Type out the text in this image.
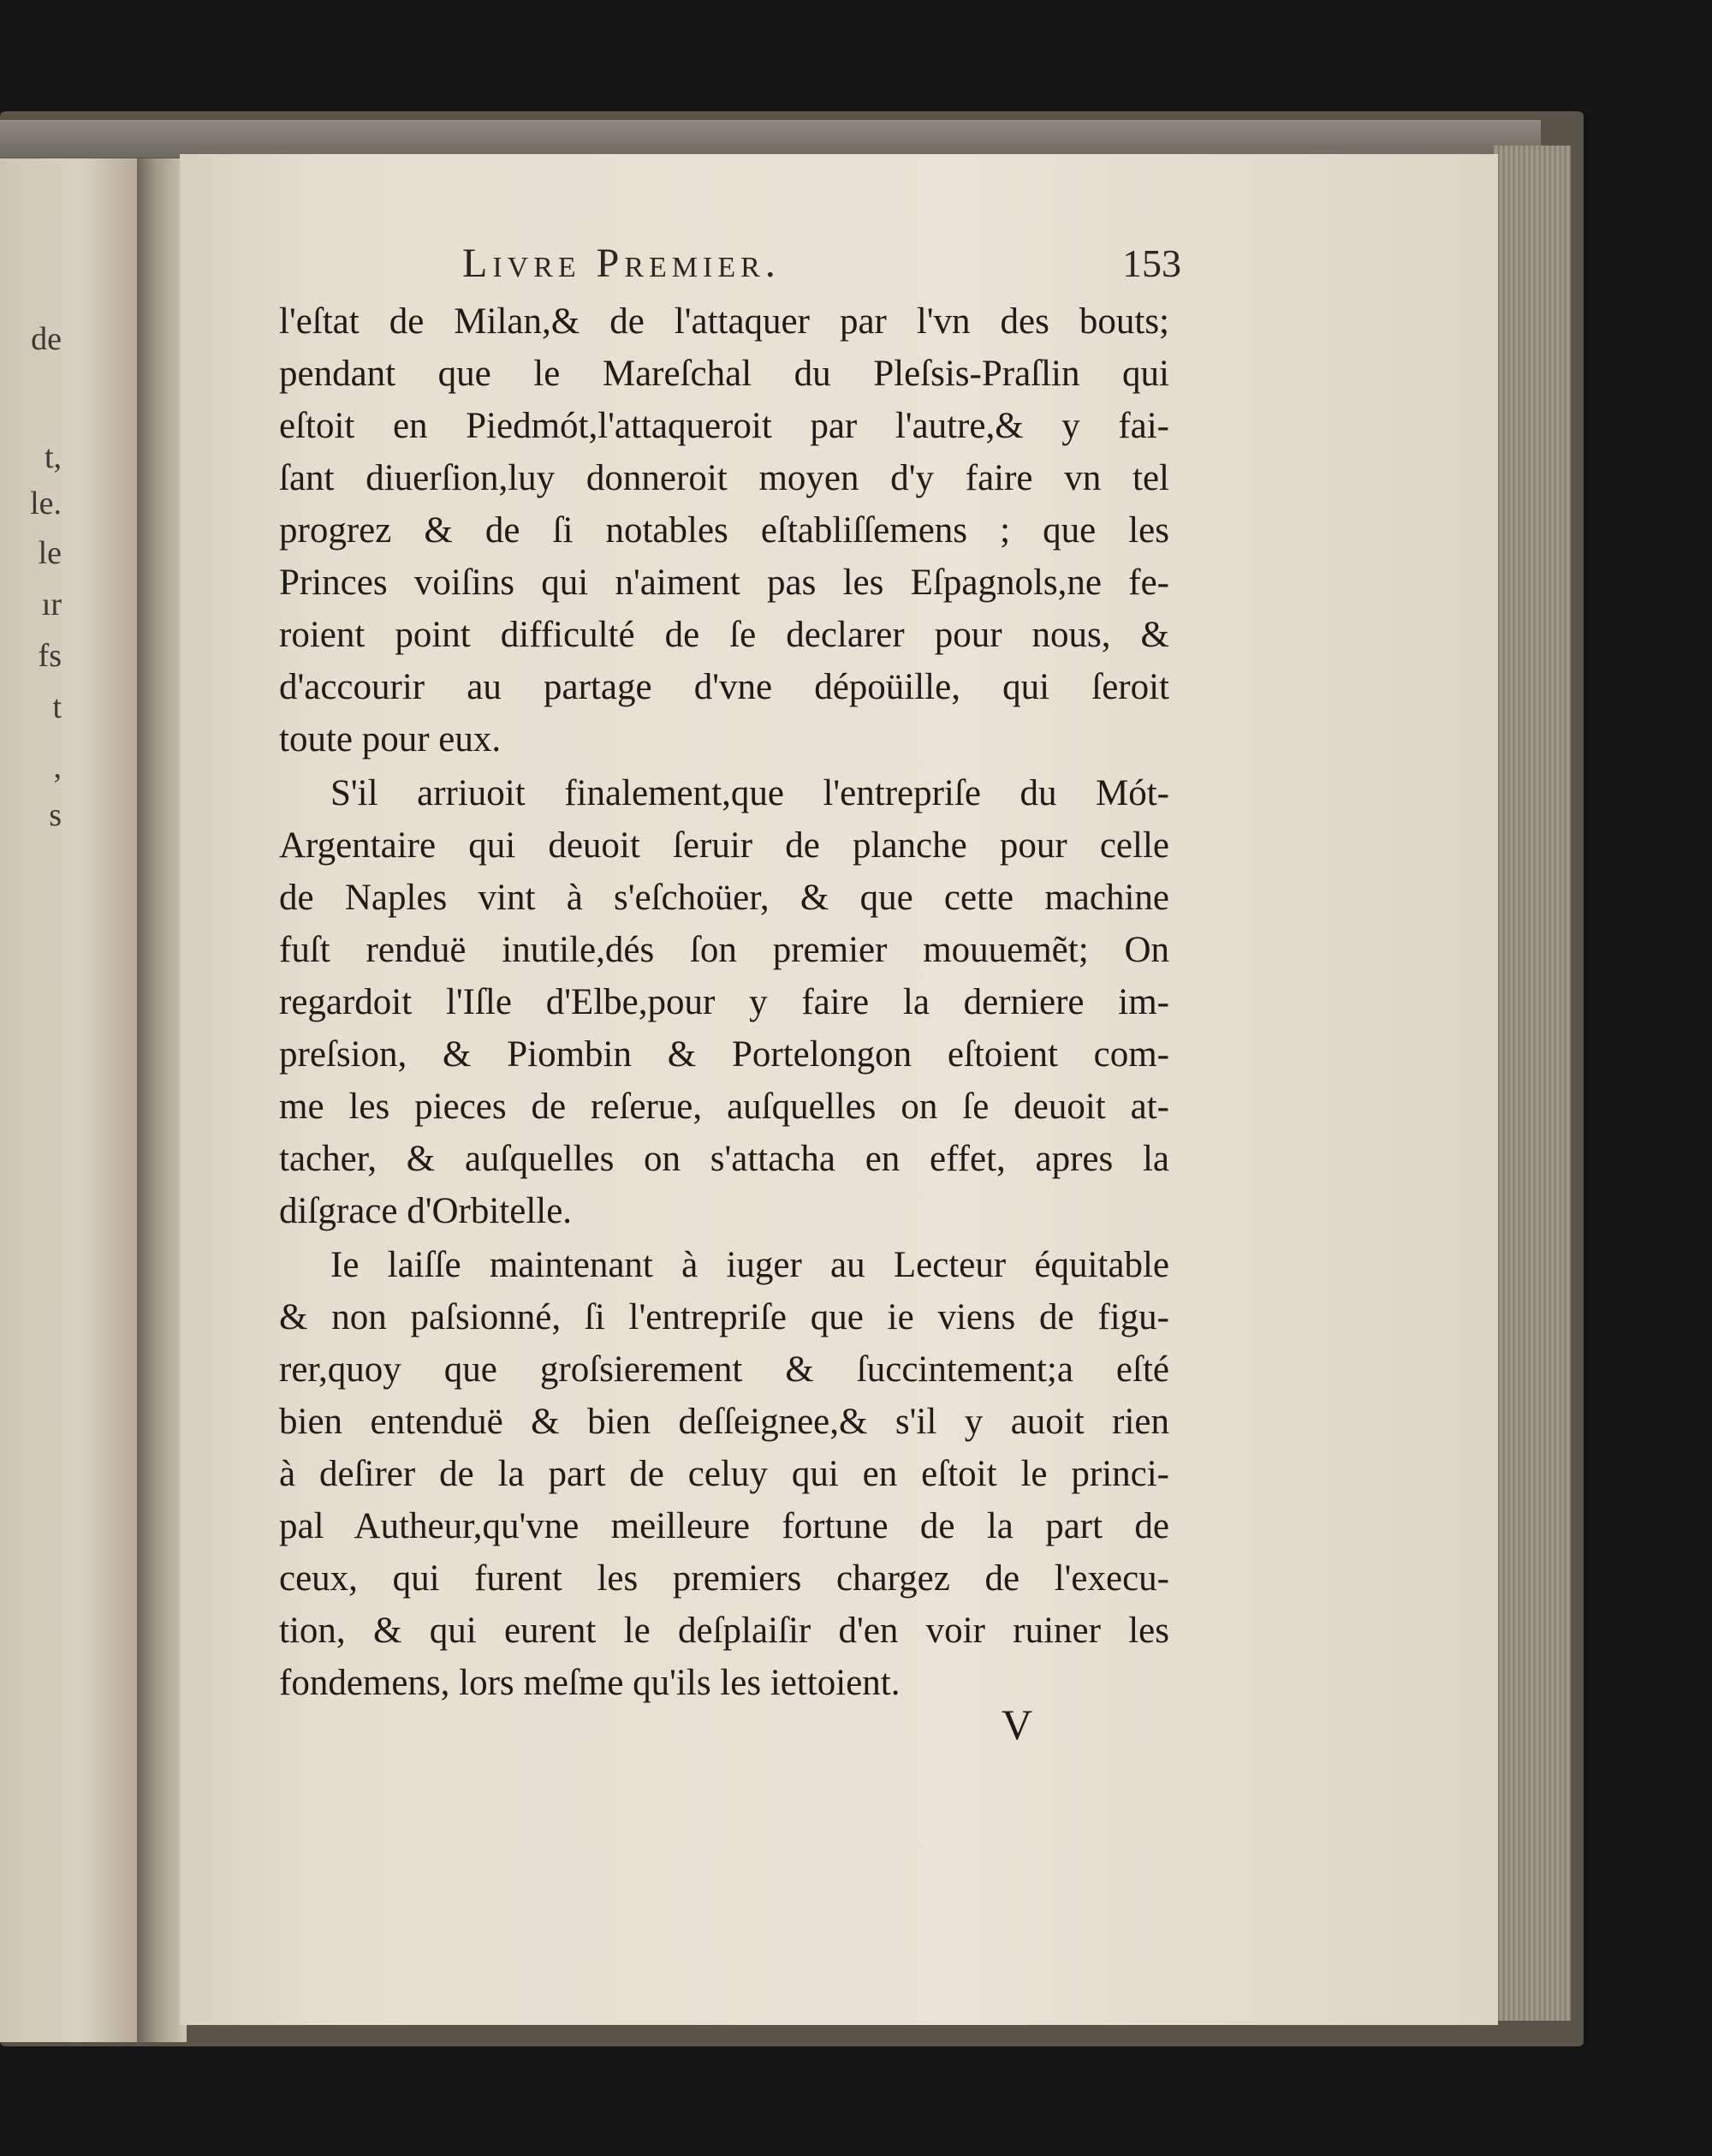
de
t,
le.
le
ır
fs
t
,
s
Livre Premier.	153
l'eſtat de Milan,& de l'attaquer par l'vn des bouts;
pendant que le Mareſchal du Pleſsis-Praſlin qui
eſtoit en Piedmót,l'attaqueroit par l'autre,& y fai-
ſant diuerſion,luy donneroit moyen d'y faire vn tel
progrez & de ſi notables eſtabliſſemens ; que les
Princes voiſins qui n'aiment pas les Eſpagnols,ne fe-
roient point difficulté de ſe declarer pour nous, &
d'accourir au partage d'vne dépoüille, qui ſeroit
toute pour eux.
S'il arriuoit finalement,que l'entrepriſe du Mót-
Argentaire qui deuoit ſeruir de planche pour celle
de Naples vint à s'eſchoüer, & que cette machine
fuſt renduë inutile,dés ſon premier mouuemẽt; On
regardoit l'Iſle d'Elbe,pour y faire la derniere im-
preſsion, & Piombin & Portelongon eſtoient com-
me les pieces de reſerue, auſquelles on ſe deuoit at-
tacher, & auſquelles on s'attacha en effet, apres la
diſgrace d'Orbitelle.
Ie laiſſe maintenant à iuger au Lecteur équitable
& non paſsionné, ſi l'entrepriſe que ie viens de figu-
rer,quoy que groſsierement & ſuccintement;a eſté
bien entenduë & bien deſſeignee,& s'il y auoit rien
à deſirer de la part de celuy qui en eſtoit le princi-
pal Autheur,qu'vne meilleure fortune de la part de
ceux, qui furent les premiers chargez de l'execu-
tion, & qui eurent le deſplaiſir d'en voir ruiner les
fondemens, lors meſme qu'ils les iettoient.
V
